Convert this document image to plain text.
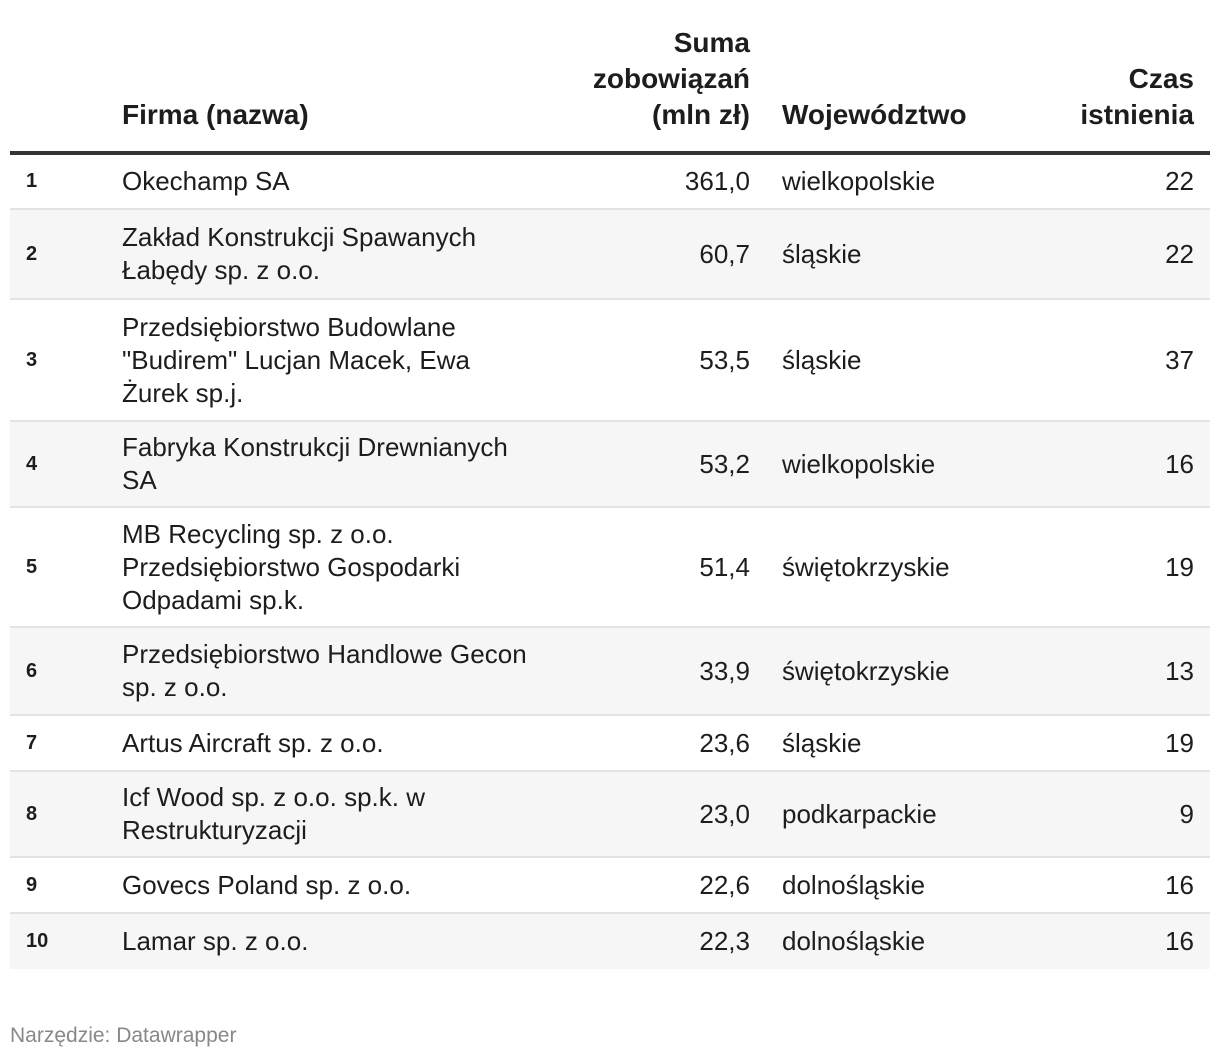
	Firma (nazwa)	Suma zobowiązań (mln zł)	Województwo	Czas istnienia
1	Okechamp SA	361,0	wielkopolskie	22
2	Zakład Konstrukcji Spawanych Łabędy sp. z o.o.	60,7	śląskie	22
3	Przedsiębiorstwo Budowlane "Budirem" Lucjan Macek, Ewa Żurek sp.j.	53,5	śląskie	37
4	Fabryka Konstrukcji Drewnianych SA	53,2	wielkopolskie	16
5	MB Recycling sp. z o.o. Przedsiębiorstwo Gospodarki Odpadami sp.k.	51,4	świętokrzyskie	19
6	Przedsiębiorstwo Handlowe Gecon sp. z o.o.	33,9	świętokrzyskie	13
7	Artus Aircraft sp. z o.o.	23,6	śląskie	19
8	Icf Wood sp. z o.o. sp.k. w Restrukturyzacji	23,0	podkarpackie	9
9	Govecs Poland sp. z o.o.	22,6	dolnośląskie	16
10	Lamar sp. z o.o.	22,3	dolnośląskie	16
Narzędzie: Datawrapper
